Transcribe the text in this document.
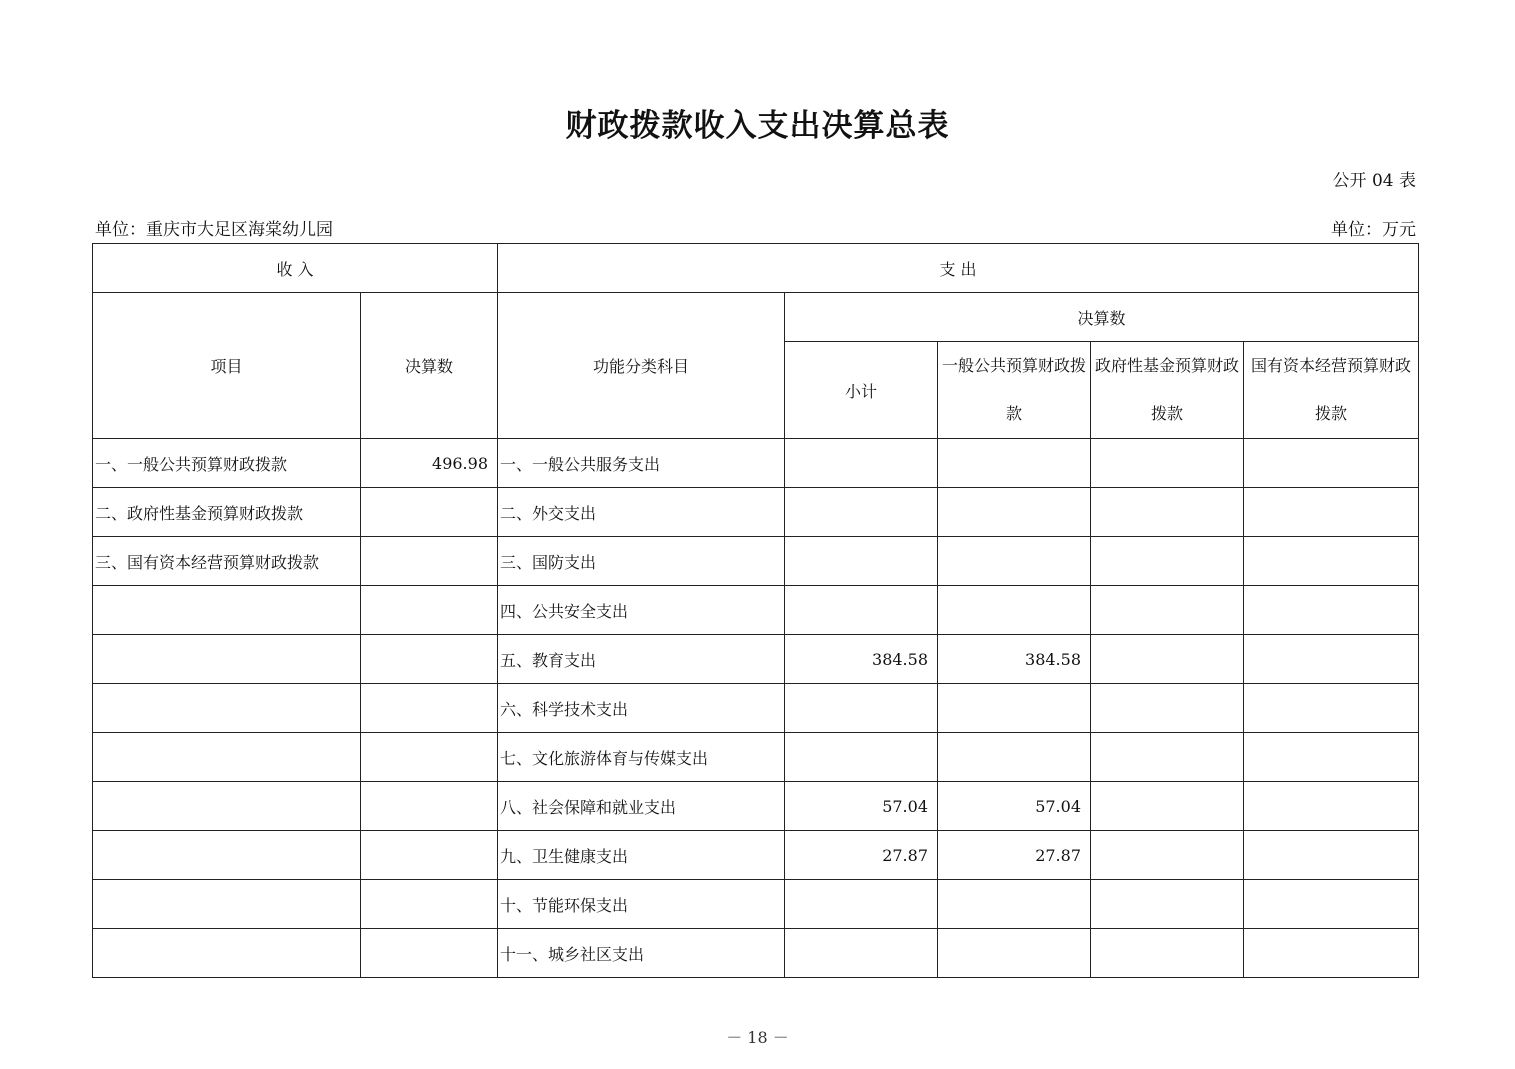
财政拨款收入支出决算总表
公开 04 表
单位：重庆市大足区海棠幼儿园	单位：万元
收 入		支 出				
项目	决算数	功能分类科目	决算数			
			小计	一般公共预算财政拨款	政府性基金预算财政拨款	国有资本经营预算财政拨款
一、一般公共预算财政拨款	496.98	一、一般公共服务支出				
二、政府性基金预算财政拨款		二、外交支出				
三、国有资本经营预算财政拨款		三、国防支出				
		四、公共安全支出				
		五、教育支出	384.58	384.58		
		六、科学技术支出				
		七、文化旅游体育与传媒支出				
		八、社会保障和就业支出	57.04	57.04		
		九、卫生健康支出	27.87	27.87		
		十、节能环保支出				
		十一、城乡社区支出				
－ 18 －
